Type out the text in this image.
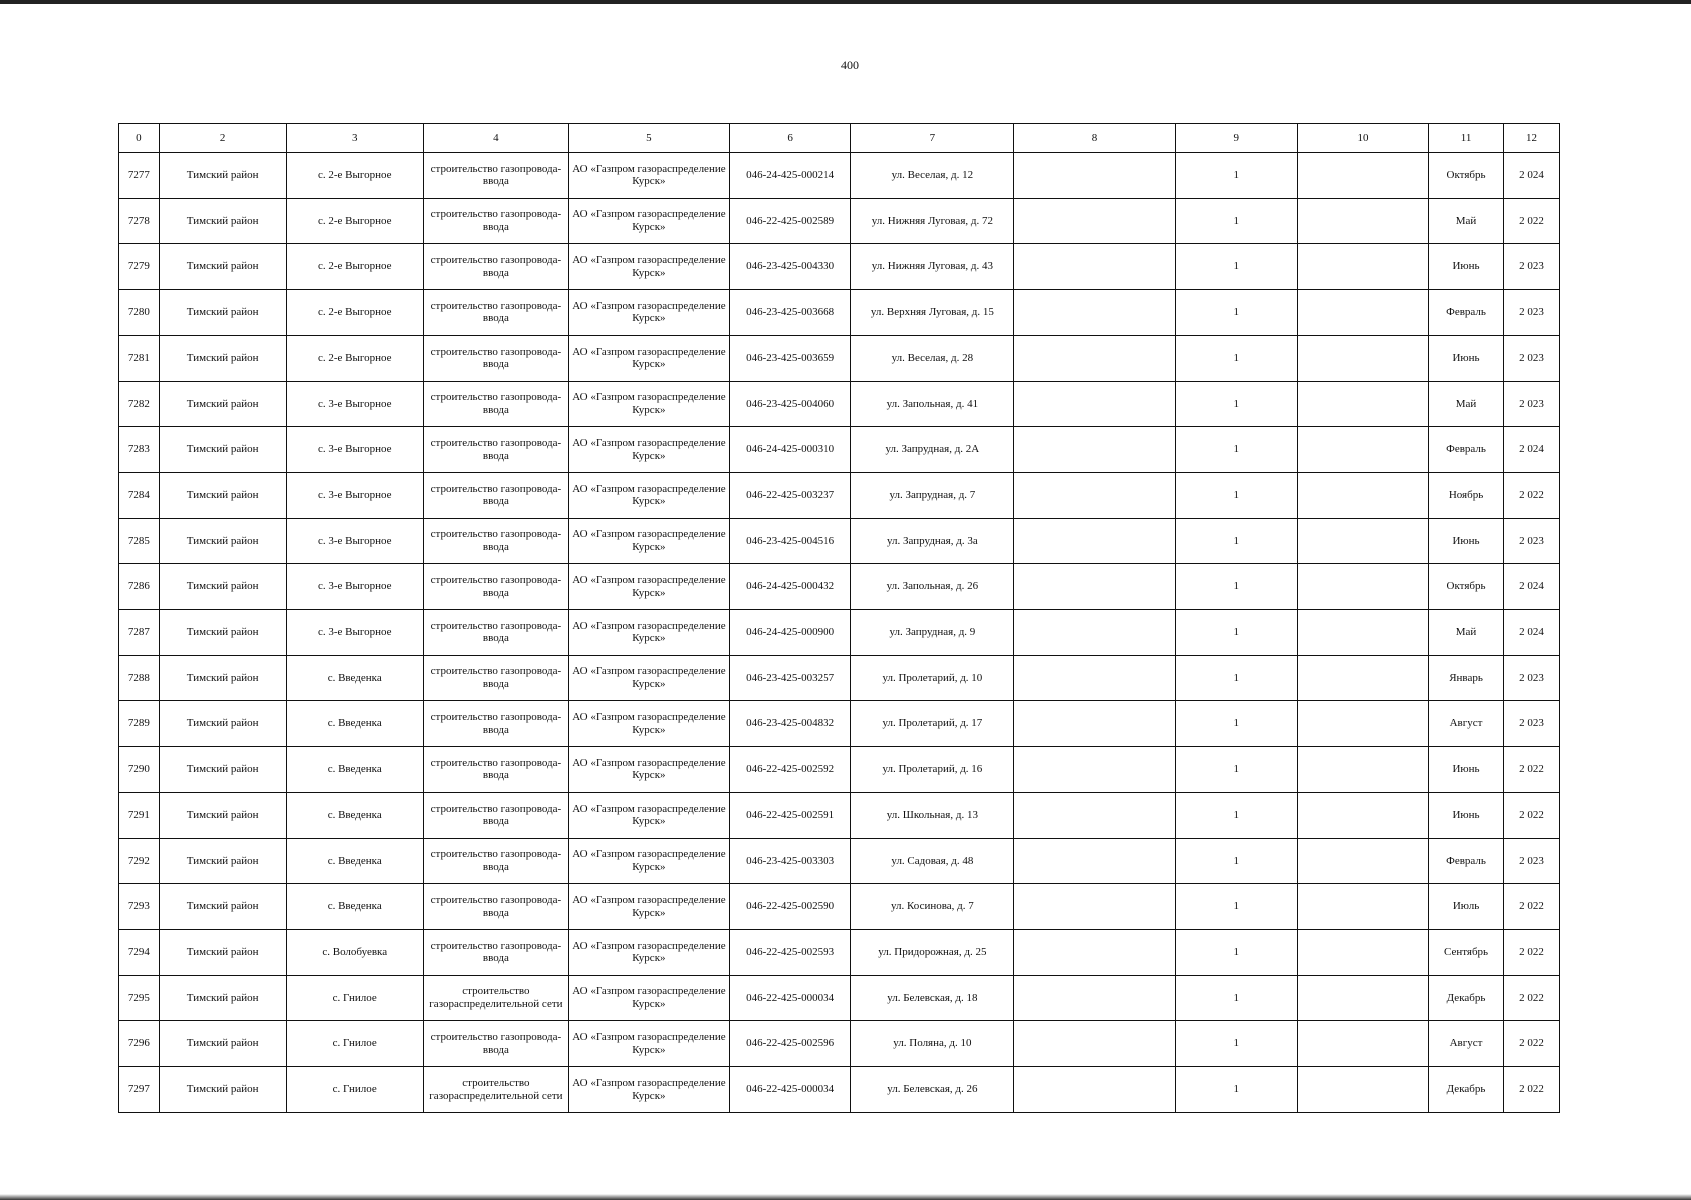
400
0	2	3	4	5	6	7	8	9	10	11	12
7277	Тимский район	с. 2-е Выгорное	строительство газопровода-ввода	АО «Газпром газораспределение Курск»	046-24-425-000214	ул. Веселая, д. 12		1		Октябрь	2 024
7278	Тимский район	с. 2-е Выгорное	строительство газопровода-ввода	АО «Газпром газораспределение Курск»	046-22-425-002589	ул. Нижняя Луговая, д. 72		1		Май	2 022
7279	Тимский район	с. 2-е Выгорное	строительство газопровода-ввода	АО «Газпром газораспределение Курск»	046-23-425-004330	ул. Нижняя Луговая, д. 43		1		Июнь	2 023
7280	Тимский район	с. 2-е Выгорное	строительство газопровода-ввода	АО «Газпром газораспределение Курск»	046-23-425-003668	ул. Верхняя Луговая, д. 15		1		Февраль	2 023
7281	Тимский район	с. 2-е Выгорное	строительство газопровода-ввода	АО «Газпром газораспределение Курск»	046-23-425-003659	ул. Веселая, д. 28		1		Июнь	2 023
7282	Тимский район	с. 3-е Выгорное	строительство газопровода-ввода	АО «Газпром газораспределение Курск»	046-23-425-004060	ул. Запольная, д. 41		1		Май	2 023
7283	Тимский район	с. 3-е Выгорное	строительство газопровода-ввода	АО «Газпром газораспределение Курск»	046-24-425-000310	ул. Запрудная, д. 2А		1		Февраль	2 024
7284	Тимский район	с. 3-е Выгорное	строительство газопровода-ввода	АО «Газпром газораспределение Курск»	046-22-425-003237	ул. Запрудная, д. 7		1		Ноябрь	2 022
7285	Тимский район	с. 3-е Выгорное	строительство газопровода-ввода	АО «Газпром газораспределение Курск»	046-23-425-004516	ул. Запрудная, д. 3а		1		Июнь	2 023
7286	Тимский район	с. 3-е Выгорное	строительство газопровода-ввода	АО «Газпром газораспределение Курск»	046-24-425-000432	ул. Запольная, д. 26		1		Октябрь	2 024
7287	Тимский район	с. 3-е Выгорное	строительство газопровода-ввода	АО «Газпром газораспределение Курск»	046-24-425-000900	ул. Запрудная, д. 9		1		Май	2 024
7288	Тимский район	с. Введенка	строительство газопровода-ввода	АО «Газпром газораспределение Курск»	046-23-425-003257	ул. Пролетарий, д. 10		1		Январь	2 023
7289	Тимский район	с. Введенка	строительство газопровода-ввода	АО «Газпром газораспределение Курск»	046-23-425-004832	ул. Пролетарий, д. 17		1		Август	2 023
7290	Тимский район	с. Введенка	строительство газопровода-ввода	АО «Газпром газораспределение Курск»	046-22-425-002592	ул. Пролетарий, д. 16		1		Июнь	2 022
7291	Тимский район	с. Введенка	строительство газопровода-ввода	АО «Газпром газораспределение Курск»	046-22-425-002591	ул. Школьная, д. 13		1		Июнь	2 022
7292	Тимский район	с. Введенка	строительство газопровода-ввода	АО «Газпром газораспределение Курск»	046-23-425-003303	ул. Садовая, д. 48		1		Февраль	2 023
7293	Тимский район	с. Введенка	строительство газопровода-ввода	АО «Газпром газораспределение Курск»	046-22-425-002590	ул. Косинова, д. 7		1		Июль	2 022
7294	Тимский район	с. Волобуевка	строительство газопровода-ввода	АО «Газпром газораспределение Курск»	046-22-425-002593	ул. Придорожная, д. 25		1		Сентябрь	2 022
7295	Тимский район	с. Гнилое	строительство газораспределительной сети	АО «Газпром газораспределение Курск»	046-22-425-000034	ул. Белевская, д. 18		1		Декабрь	2 022
7296	Тимский район	с. Гнилое	строительство газопровода-ввода	АО «Газпром газораспределение Курск»	046-22-425-002596	ул. Поляна, д. 10		1		Август	2 022
7297	Тимский район	с. Гнилое	строительство газораспределительной сети	АО «Газпром газораспределение Курск»	046-22-425-000034	ул. Белевская, д. 26		1		Декабрь	2 022
